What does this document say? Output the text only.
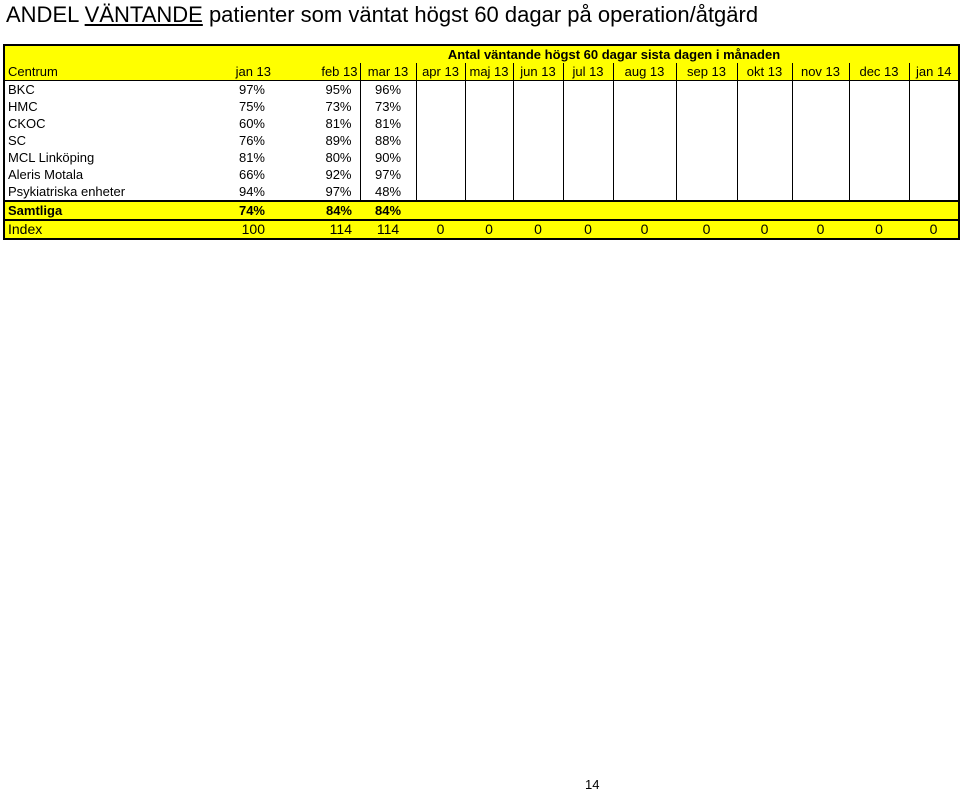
ANDEL VÄNTANDE patienter som väntat högst 60 dagar på operation/åtgärd
	Antal väntande högst 60 dagar sista dagen i månaden												
Centrum	jan 13	feb 13	mar 13	apr 13	maj 13	jun 13	jul 13	aug 13	sep 13	okt 13	nov 13	dec 13	jan 14
BKC	97%	95%	96%										
HMC	75%	73%	73%										
CKOC	60%	81%	81%										
SC	76%	89%	88%										
MCL Linköping	81%	80%	90%										
Aleris Motala	66%	92%	97%										
Psykiatriska enheter	94%	97%	48%										
Samtliga	74%	84%	84%										
Index	100	114	114	0	0	0	0	0	0	0	0	0	0
14
